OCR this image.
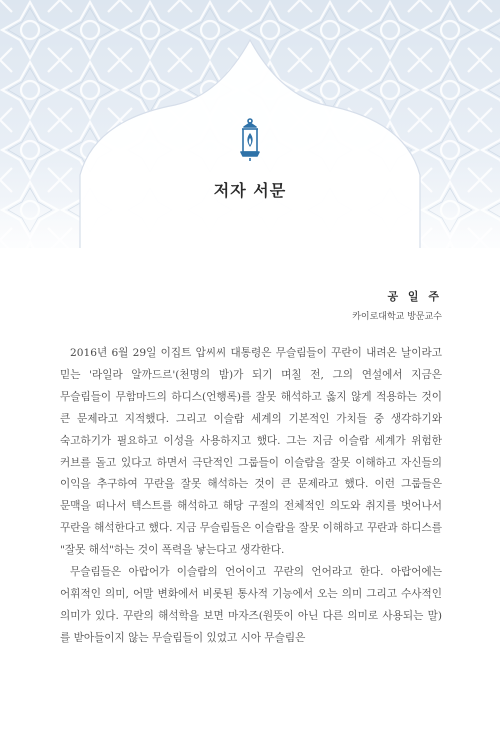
저자 서문
공 일 주
카이로대학교 방문교수

2016년 6월 29일 이집트 압씨씨 대통령은 무슬림들이 꾸란이 내려온 날이라고 믿는 '라일라 알까드르'(천명의 밤)가 되기 며칠 전, 그의 연설에서 지금은 무슬림들이 무함마드의 하디스(언행록)를 잘못 해석하고 옳지 않게 적용하는 것이 큰 문제라고 지적했다. 그리고 이슬람 세계의 기본적인 가치들 중 생각하기와 숙고하기가 필요하고 이성을 사용하지고 했다. 그는 지금 이슬람 세계가 위험한 커브를 돌고 있다고 하면서 극단적인 그룹들이 이슬람을 잘못 이해하고 자신들의 이익을 추구하여 꾸란을 잘못 해석하는 것이 큰 문제라고 했다. 이런 그룹들은 문맥을 떠나서 텍스트를 해석하고 해당 구절의 전체적인 의도와 취지를 벗어나서 꾸란을 해석한다고 했다. 지금 무슬림들은 이슬람을 잘못 이해하고 꾸란과 하디스를 "잘못 해석"하는 것이 폭력을 낳는다고 생각한다.

무슬림들은 아랍어가 이슬람의 언어이고 꾸란의 언어라고 한다. 아랍어에는 어휘적인 의미, 어말 변화에서 비롯된 통사적 기능에서 오는 의미 그리고 수사적인 의미가 있다. 꾸란의 해석학을 보면 마자즈(원뜻이 아닌 다른 의미로 사용되는 말)를 받아들이지 않는 무슬림들이 있었고 시아 무슬림은
